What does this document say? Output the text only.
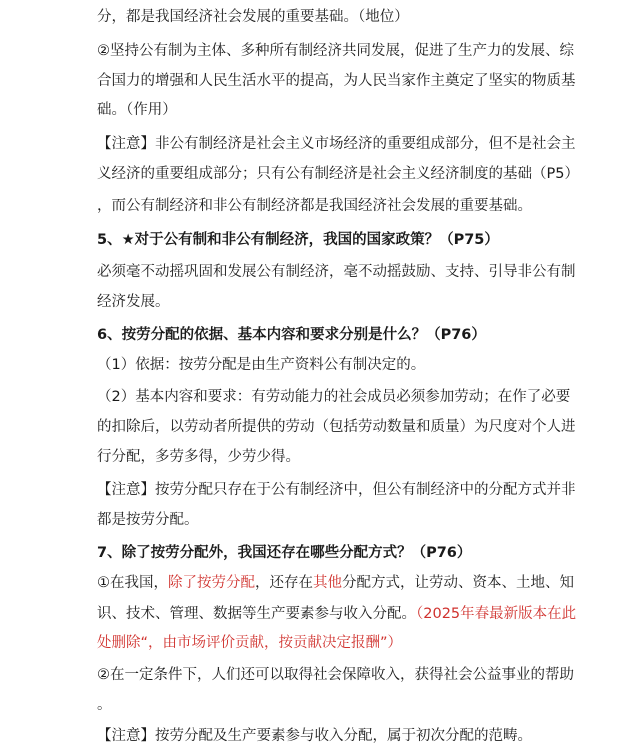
分，都是我国经济社会发展的重要基础。（地位）
②坚持公有制为主体、多种所有制经济共同发展，促进了生产力的发展、综
合国力的增强和人民生活水平的提高，为人民当家作主奠定了坚实的物质基
础。（作用）
【注意】非公有制经济是社会主义市场经济的重要组成部分，但不是社会主
义经济的重要组成部分；只有公有制经济是社会主义经济制度的基础（P5）
，而公有制经济和非公有制经济都是我国经济社会发展的重要基础。
5、★对于公有制和非公有制经济，我国的国家政策？（P75）
必须毫不动摇巩固和发展公有制经济，毫不动摇鼓励、支持、引导非公有制
经济发展。
6、按劳分配的依据、基本内容和要求分别是什么？（P76）
（1）依据：按劳分配是由生产资料公有制决定的。
（2）基本内容和要求：有劳动能力的社会成员必须参加劳动；在作了必要
的扣除后，以劳动者所提供的劳动（包括劳动数量和质量）为尺度对个人进
行分配，多劳多得，少劳少得。
【注意】按劳分配只存在于公有制经济中，但公有制经济中的分配方式并非
都是按劳分配。
7、除了按劳分配外，我国还存在哪些分配方式？（P76）
①在我国，除了按劳分配，还存在其他分配方式，让劳动、资本、土地、知
识、技术、管理、数据等生产要素参与收入分配。（2025年春最新版本在此
处删除“，由市场评价贡献，按贡献决定报酬”）
②在一定条件下，人们还可以取得社会保障收入，获得社会公益事业的帮助
。
【注意】按劳分配及生产要素参与收入分配，属于初次分配的范畴。
